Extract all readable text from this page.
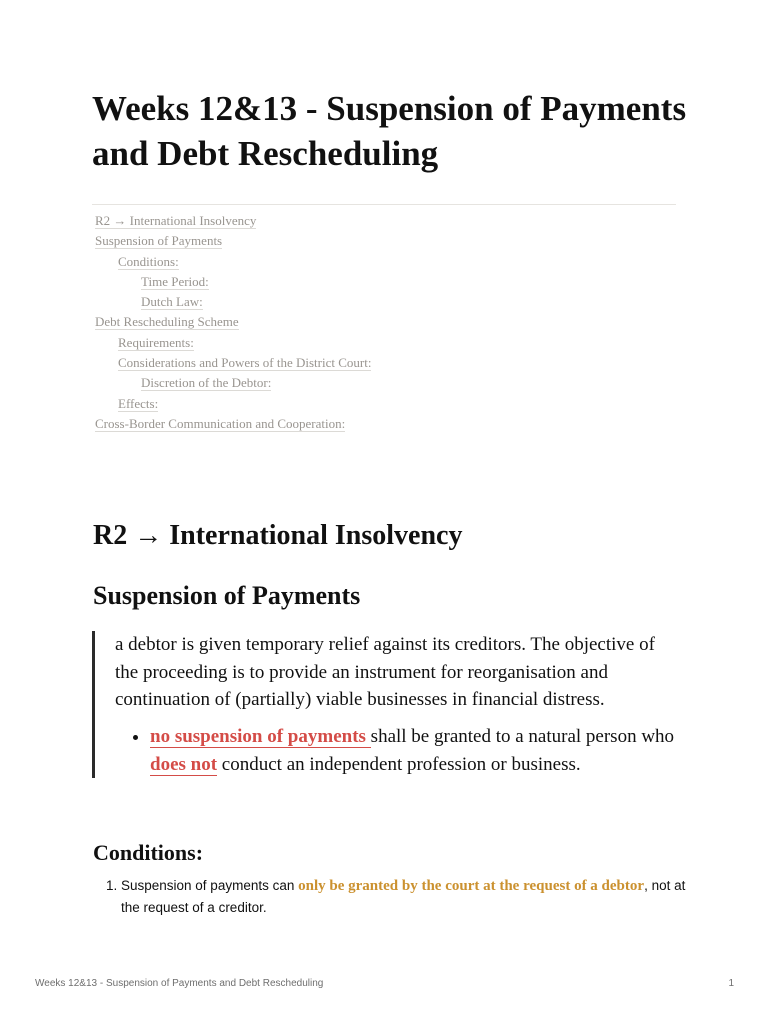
Weeks 12&13 - Suspension of Payments and Debt Rescheduling
R2 → International Insolvency
Suspension of Payments
Conditions:
Time Period:
Dutch Law:
Debt Rescheduling Scheme
Requirements:
Considerations and Powers of the District Court:
Discretion of the Debtor:
Effects:
Cross-Border Communication and Cooperation:
R2 → International Insolvency
Suspension of Payments

a debtor is given temporary relief against its creditors. The objective of the proceeding is to provide an instrument for reorganisation and continuation of (partially) viable businesses in financial distress.

• no suspension of payments shall be granted to a natural person who does not conduct an independent profession or business.
Conditions:
1. Suspension of payments can only be granted by the court at the request of a debtor, not at the request of a creditor.
Weeks 12&13 - Suspension of Payments and Debt Rescheduling	1
